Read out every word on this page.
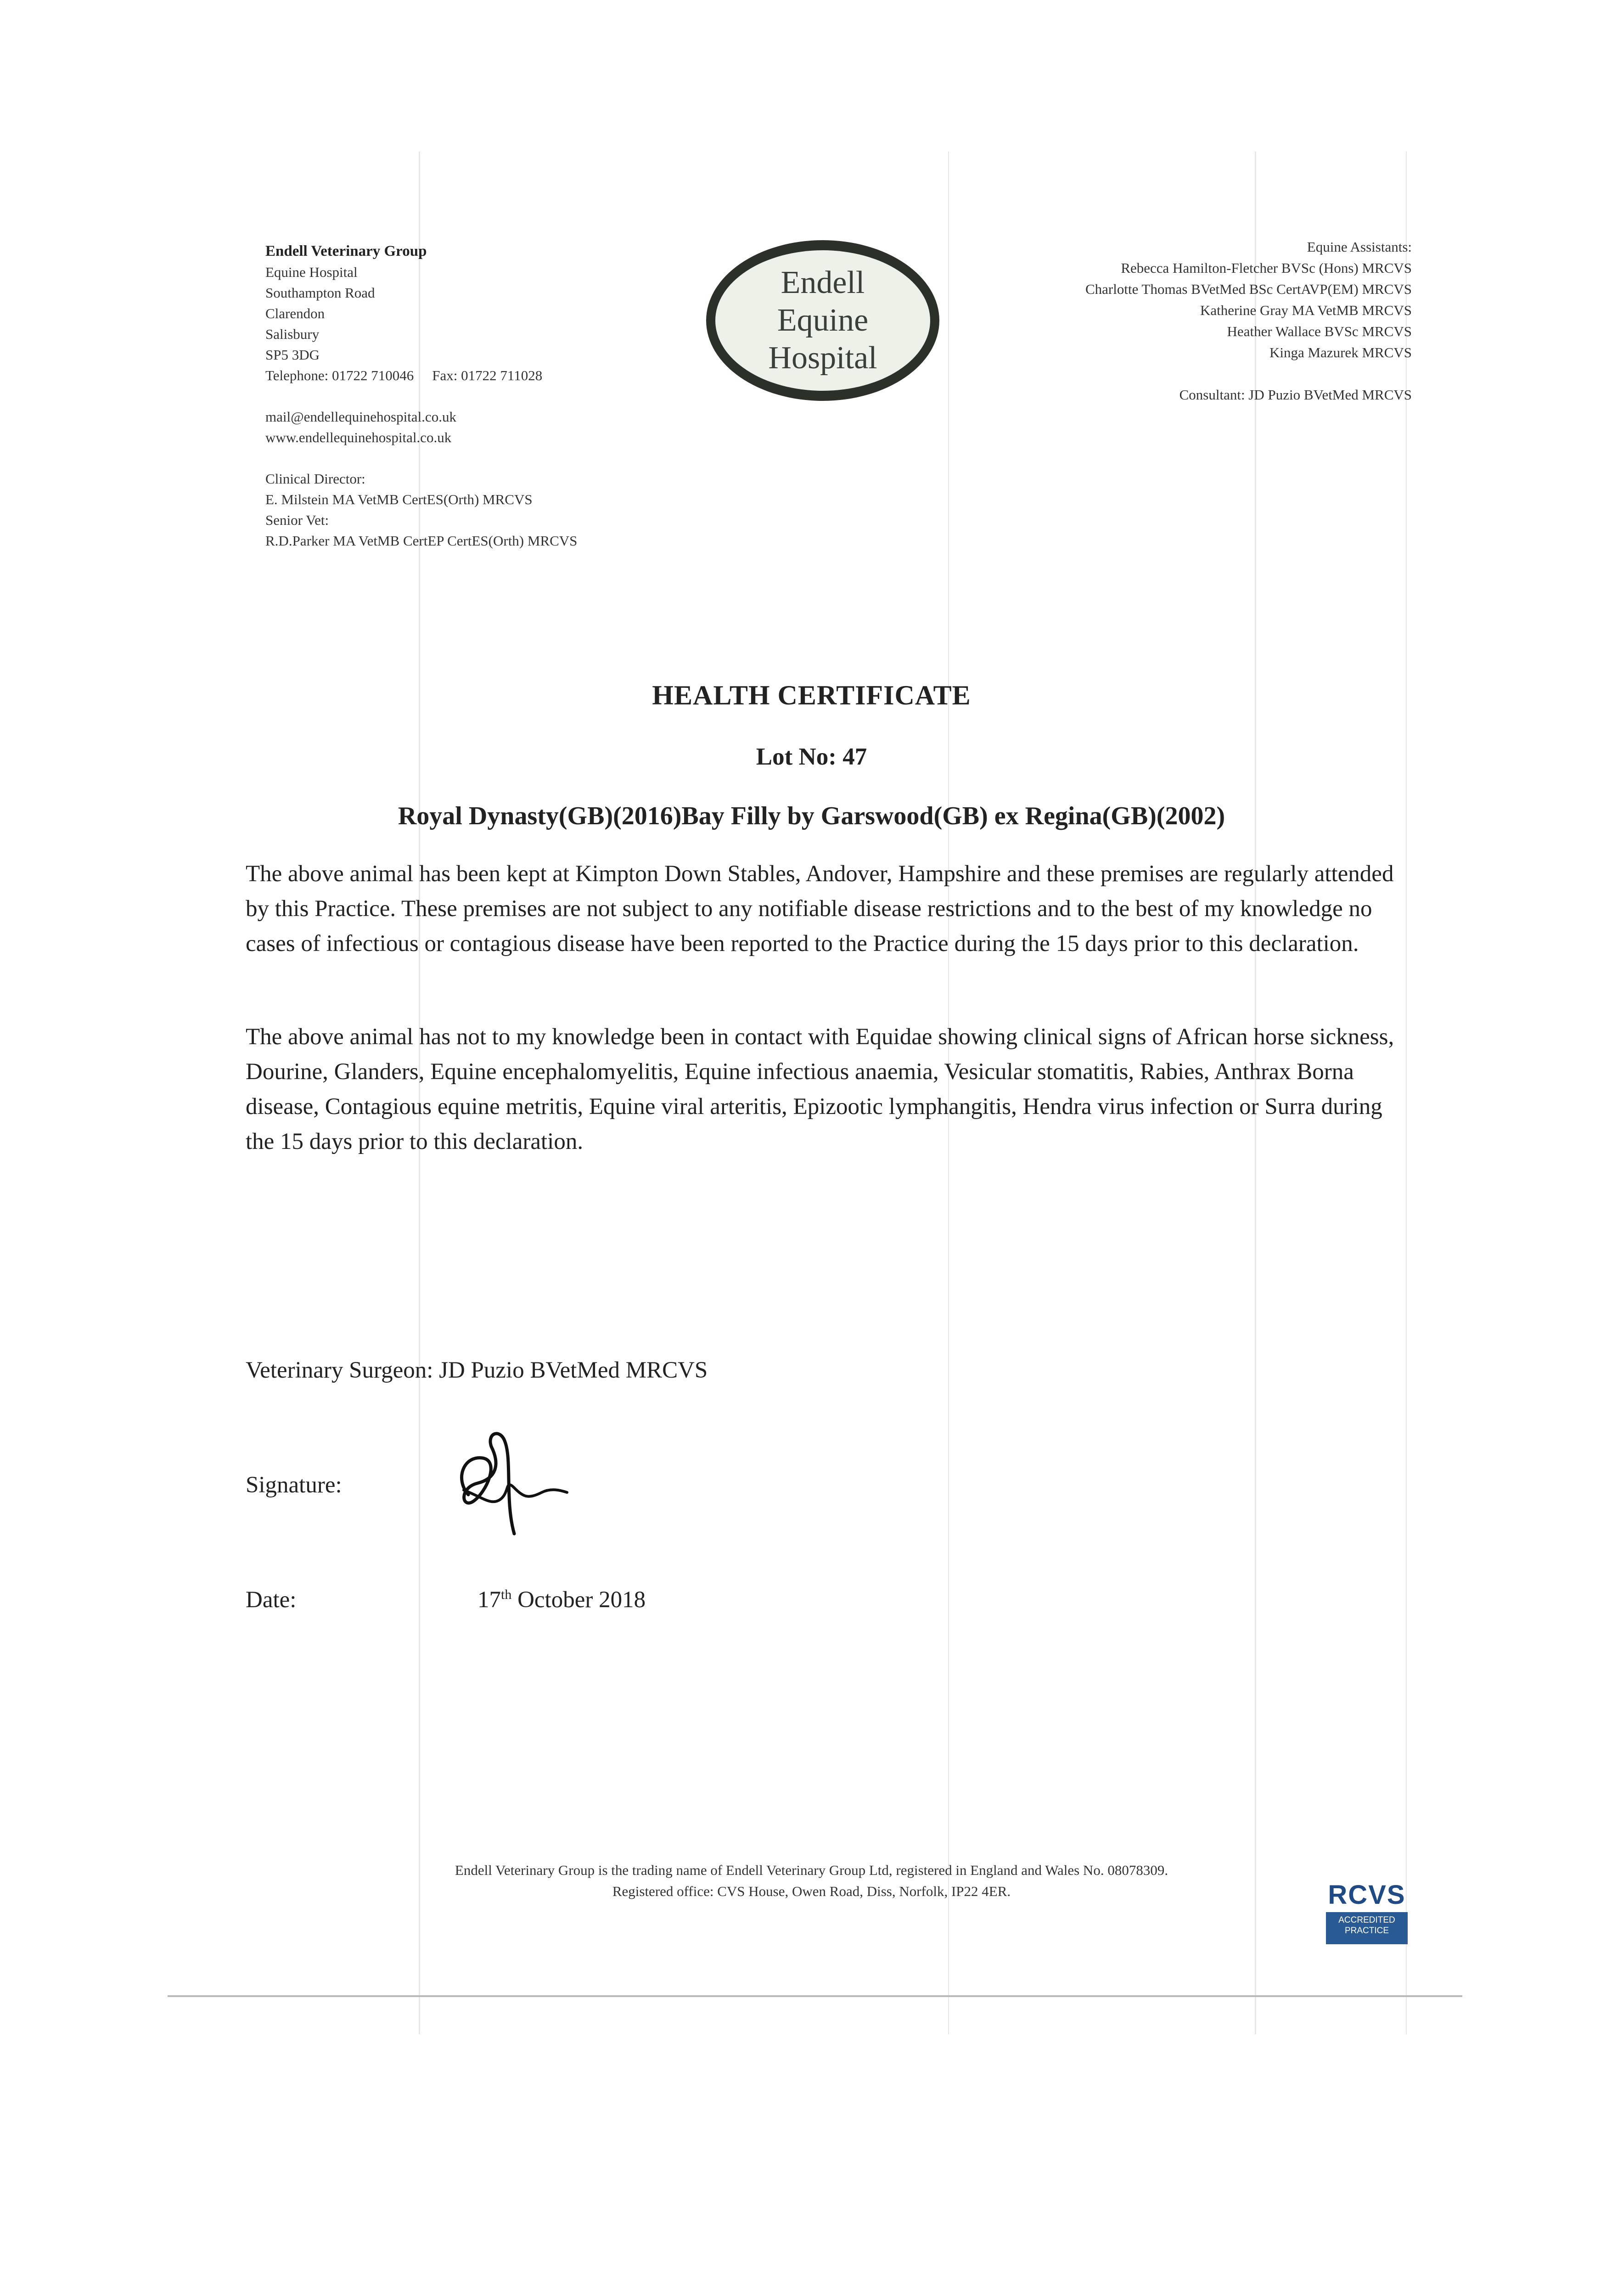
Endell Veterinary Group
Equine Hospital
Southampton Road
Clarendon
Salisbury
SP5 3DG
Telephone: 01722 710046 Fax: 01722 711028
mail@endellequinehospital.co.uk
www.endellequinehospital.co.uk
Clinical Director:
E. Milstein MA VetMB CertES(Orth) MRCVS
Senior Vet:
R.D.Parker MA VetMB CertEP CertES(Orth) MRCVS
Endell
Equine
Hospital
Equine Assistants:
Rebecca Hamilton-Fletcher BVSc (Hons) MRCVS
Charlotte Thomas BVetMed BSc CertAVP(EM) MRCVS
Katherine Gray MA VetMB MRCVS
Heather Wallace BVSc MRCVS
Kinga Mazurek MRCVS
Consultant: JD Puzio BVetMed MRCVS
HEALTH CERTIFICATE
Lot No: 47
Royal Dynasty(GB)(2016)Bay Filly by Garswood(GB) ex Regina(GB)(2002)

The above animal has been kept at Kimpton Down Stables, Andover, Hampshire and these premises are regularly attended by this Practice. These premises are not subject to any notifiable disease restrictions and to the best of my knowledge no cases of infectious or contagious disease have been reported to the Practice during the 15 days prior to this declaration.

The above animal has not to my knowledge been in contact with Equidae showing clinical signs of African horse sickness, Dourine, Glanders, Equine encephalomyelitis, Equine infectious anaemia, Vesicular stomatitis, Rabies, Anthrax Borna disease, Contagious equine metritis, Equine viral arteritis, Epizootic lymphangitis, Hendra virus infection or Surra during the 15 days prior to this declaration.

Veterinary Surgeon: JD Puzio BVetMed MRCVS
Signature:
Date:	17th October 2018
Endell Veterinary Group is the trading name of Endell Veterinary Group Ltd, registered in England and Wales No. 08078309.
Registered office: CVS House, Owen Road, Diss, Norfolk, IP22 4ER.	RCVS
ACCREDITED
PRACTICE
